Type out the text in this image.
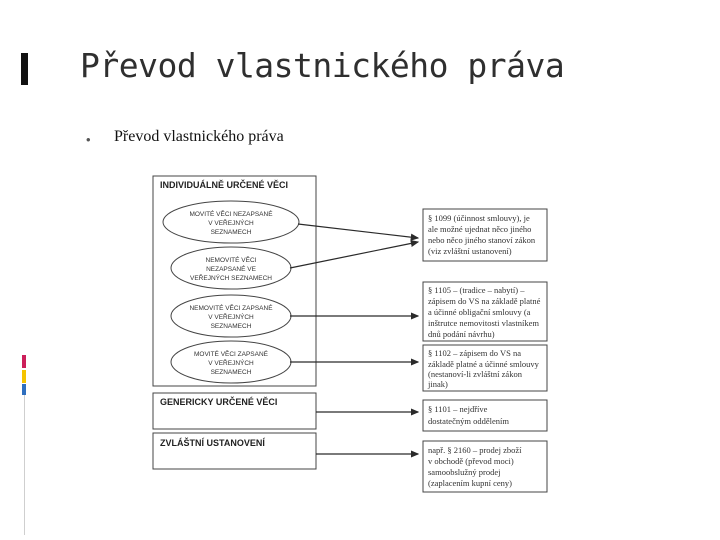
Převod vlastnického práva
• Převod vlastnického práva
INDIVIDUÁLNĚ URČENÉ VĚCI
GENERICKY URČENÉ VĚCI
ZVLÁŠTNÍ USTANOVENÍ
MOVITÉ VĚCI NEZAPSANÉ
V VEŘEJNÝCH
SEZNAMECH
NEMOVITÉ VĚCI
NEZAPSANÉ VE
VEŘEJNÝCH SEZNAMECH
NEMOVITÉ VĚCI ZAPSANÉ
V VEŘEJNÝCH
SEZNAMECH
MOVITÉ VĚCI ZAPSANÉ
V VEŘEJNÝCH
SEZNAMECH
§ 1099 (účinnost smlouvy), je
ale možné ujednat něco jiného
nebo něco jiného stanoví zákon
(viz zvláštní ustanovení)
§ 1105 – (tradice – nabytí) –
zápisem do VS na základě platné
a účinné obligační smlouvy (a
inštrutce nemovitosti vlastníkem
dnů podání návrhu)
§ 1102 – zápisem do VS na
základě platné a účinné smlouvy
(nestanoví-li zvláštní zákon
jinak)
§ 1101 – nejdříve
dostatečným oddělením
např. § 2160 – prodej zboží
v obchodě (převod moci)
samoobslužný prodej
(zaplacením kupní ceny)
